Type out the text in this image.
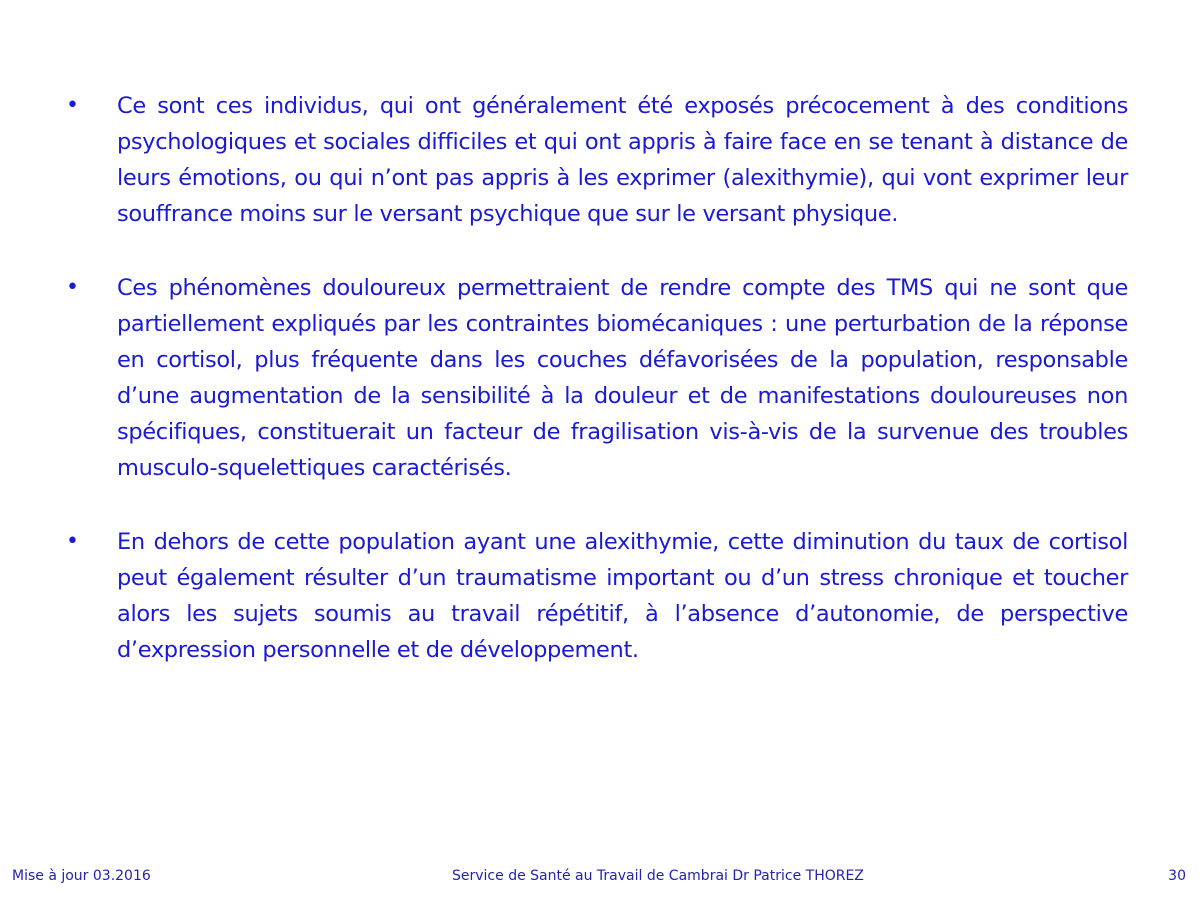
• Ce sont ces individus, qui ont généralement été exposés précocement à des conditions psychologiques et sociales difficiles et qui ont appris à faire face en se tenant à distance de leurs émotions, ou qui n’ont pas appris à les exprimer (alexithymie), qui vont exprimer leur souffrance moins sur le versant psychique que sur le versant physique.
• Ces phénomènes douloureux permettraient de rendre compte des TMS qui ne sont que partiellement expliqués par les contraintes biomécaniques : une perturbation de la réponse en cortisol, plus fréquente dans les couches défavorisées de la population, responsable d’une augmentation de la sensibilité à la douleur et de manifestations douloureuses non spécifiques, constituerait un facteur de fragilisation vis-à-vis de la survenue des troubles musculo-squelettiques caractérisés.
• En dehors de cette population ayant une alexithymie, cette diminution du taux de cortisol peut également résulter d’un traumatisme important ou d’un stress chronique et toucher alors les sujets soumis au travail répétitif, à l’absence d’autonomie, de perspective d’expression personnelle et de développement.
Mise à jour 03.2016	Service de Santé au Travail de Cambrai Dr Patrice THOREZ	30
